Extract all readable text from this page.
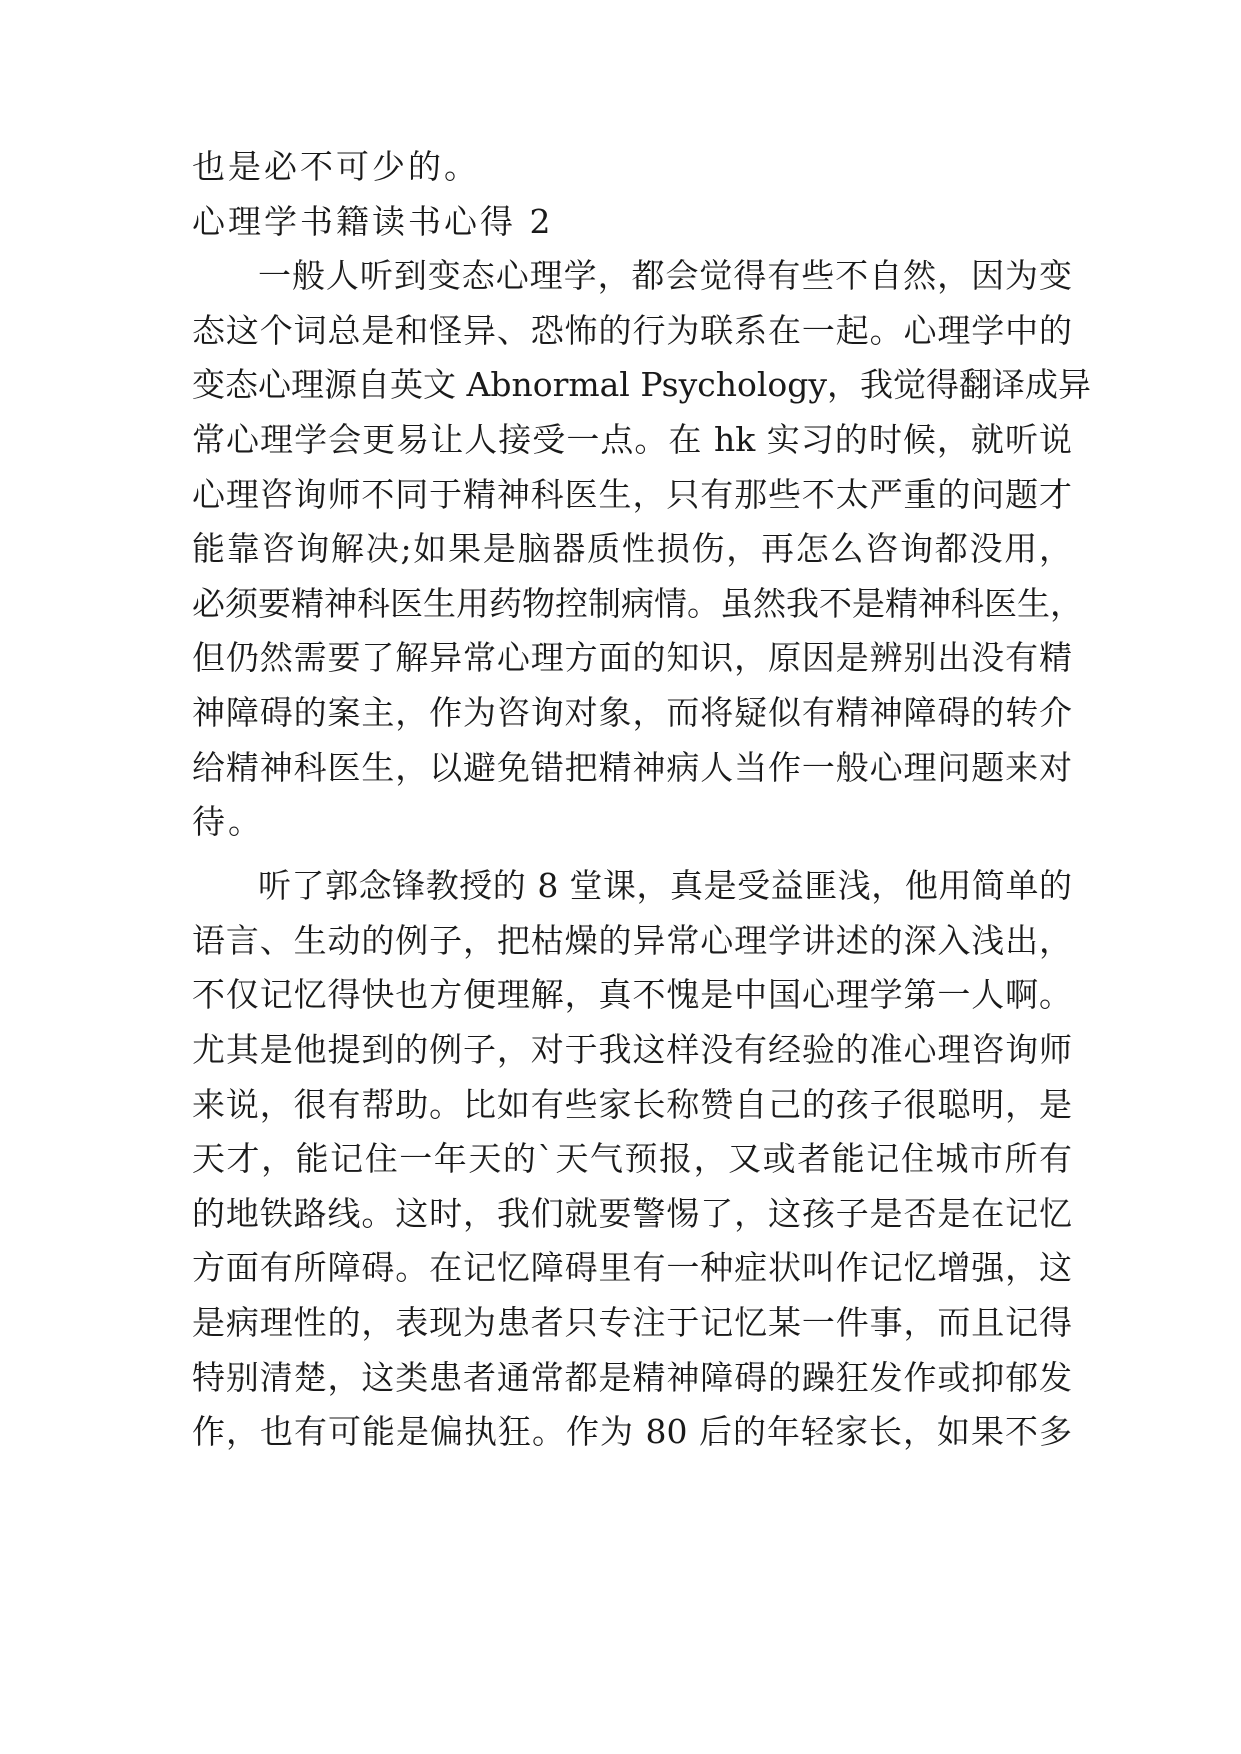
也是必不可少的。
心理学书籍读书心得 2
一般人听到变态心理学，都会觉得有些不自然，因为变
态这个词总是和怪异、恐怖的行为联系在一起。心理学中的
变态心理源自英文 Abnormal Psychology，我觉得翻译成异
常心理学会更易让人接受一点。在 hk 实习的时候，就听说
心理咨询师不同于精神科医生，只有那些不太严重的问题才
能靠咨询解决;如果是脑器质性损伤，再怎么咨询都没用，
必须要精神科医生用药物控制病情。虽然我不是精神科医生，
但仍然需要了解异常心理方面的知识，原因是辨别出没有精
神障碍的案主，作为咨询对象，而将疑似有精神障碍的转介
给精神科医生，以避免错把精神病人当作一般心理问题来对
待。
听了郭念锋教授的 8 堂课，真是受益匪浅，他用简单的
语言、生动的例子，把枯燥的异常心理学讲述的深入浅出，
不仅记忆得快也方便理解，真不愧是中国心理学第一人啊。
尤其是他提到的例子，对于我这样没有经验的准心理咨询师
来说，很有帮助。比如有些家长称赞自己的孩子很聪明，是
天才，能记住一年天的`天气预报，又或者能记住城市所有
的地铁路线。这时，我们就要警惕了，这孩子是否是在记忆
方面有所障碍。在记忆障碍里有一种症状叫作记忆增强，这
是病理性的，表现为患者只专注于记忆某一件事，而且记得
特别清楚，这类患者通常都是精神障碍的躁狂发作或抑郁发
作，也有可能是偏执狂。作为 80 后的年轻家长，如果不多
